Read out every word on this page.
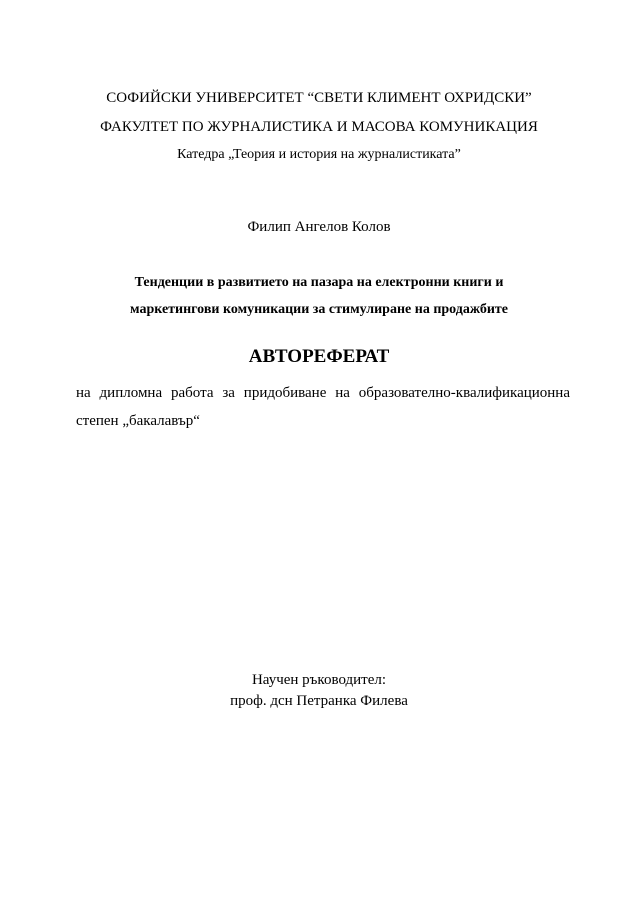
СОФИЙСКИ УНИВЕРСИТЕТ “СВЕТИ КЛИМЕНТ ОХРИДСКИ”
ФАКУЛТЕТ ПО ЖУРНАЛИСТИКА И МАСОВА КОМУНИКАЦИЯ
Катедра „Теория и история на журналистиката”
Филип Ангелов Колов
Тенденции в развитието на пазара на електронни книги и
маркетингови комуникации за стимулиране на продажбите
АВТОРЕФЕРАТ
на дипломна работа за придобиване на образователно-квалификационна
степен „бакалавър“
Научен ръководител:
проф. дсн Петранка Филева
